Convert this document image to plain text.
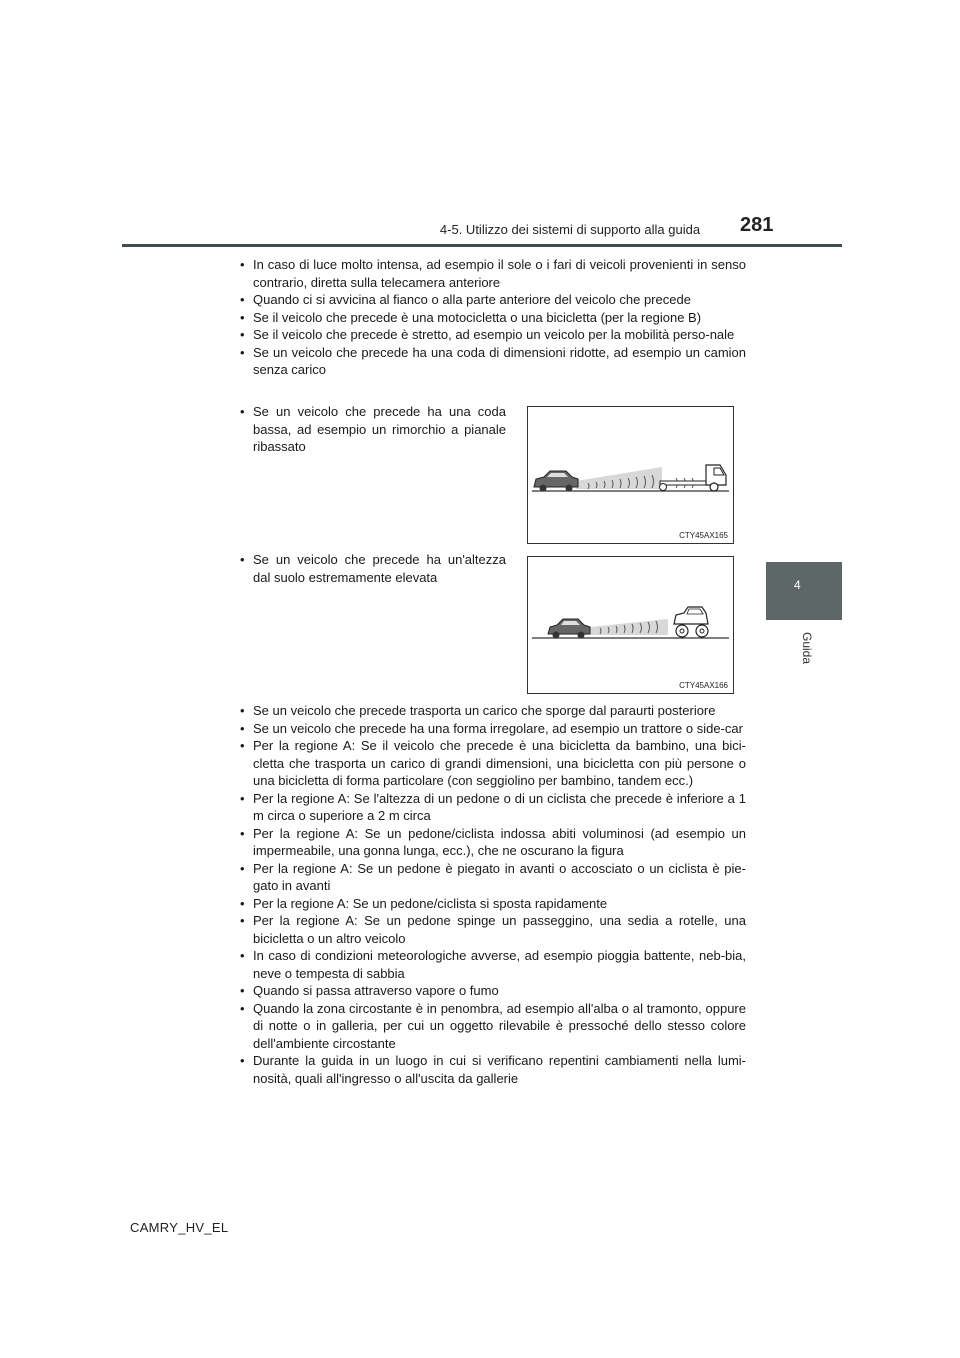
4-5. Utilizzo dei sistemi di supporto alla guida	281
4
Guida
• In caso di luce molto intensa, ad esempio il sole o i fari di veicoli provenienti in senso contrario, diretta sulla telecamera anteriore
• Quando ci si avvicina al fianco o alla parte anteriore del veicolo che precede
• Se il veicolo che precede è una motocicletta o una bicicletta (per la regione B)
• Se il veicolo che precede è stretto, ad esempio un veicolo per la mobilità perso-nale
• Se un veicolo che precede ha una coda di dimensioni ridotte, ad esempio un camion senza carico
• Se un veicolo che precede ha una coda bassa, ad esempio un rimorchio a pianale ribassato
CTY45AX165
• Se un veicolo che precede ha un'altezza dal suolo estremamente elevata
CTY45AX166
• Se un veicolo che precede trasporta un carico che sporge dal paraurti posteriore
• Se un veicolo che precede ha una forma irregolare, ad esempio un trattore o side-car
• Per la regione A: Se il veicolo che precede è una bicicletta da bambino, una bici-cletta che trasporta un carico di grandi dimensioni, una bicicletta con più persone o una bicicletta di forma particolare (con seggiolino per bambino, tandem ecc.)
• Per la regione A: Se l'altezza di un pedone o di un ciclista che precede è inferiore a 1 m circa o superiore a 2 m circa
• Per la regione A: Se un pedone/ciclista indossa abiti voluminosi (ad esempio un impermeabile, una gonna lunga, ecc.), che ne oscurano la figura
• Per la regione A: Se un pedone è piegato in avanti o accosciato o un ciclista è pie-gato in avanti
• Per la regione A: Se un pedone/ciclista si sposta rapidamente
• Per la regione A: Se un pedone spinge un passeggino, una sedia a rotelle, una bicicletta o un altro veicolo
• In caso di condizioni meteorologiche avverse, ad esempio pioggia battente, neb-bia, neve o tempesta di sabbia
• Quando si passa attraverso vapore o fumo
• Quando la zona circostante è in penombra, ad esempio all'alba o al tramonto, oppure di notte o in galleria, per cui un oggetto rilevabile è pressoché dello stesso colore dell'ambiente circostante
• Durante la guida in un luogo in cui si verificano repentini cambiamenti nella lumi-nosità, quali all'ingresso o all'uscita da gallerie
CAMRY_HV_EL
